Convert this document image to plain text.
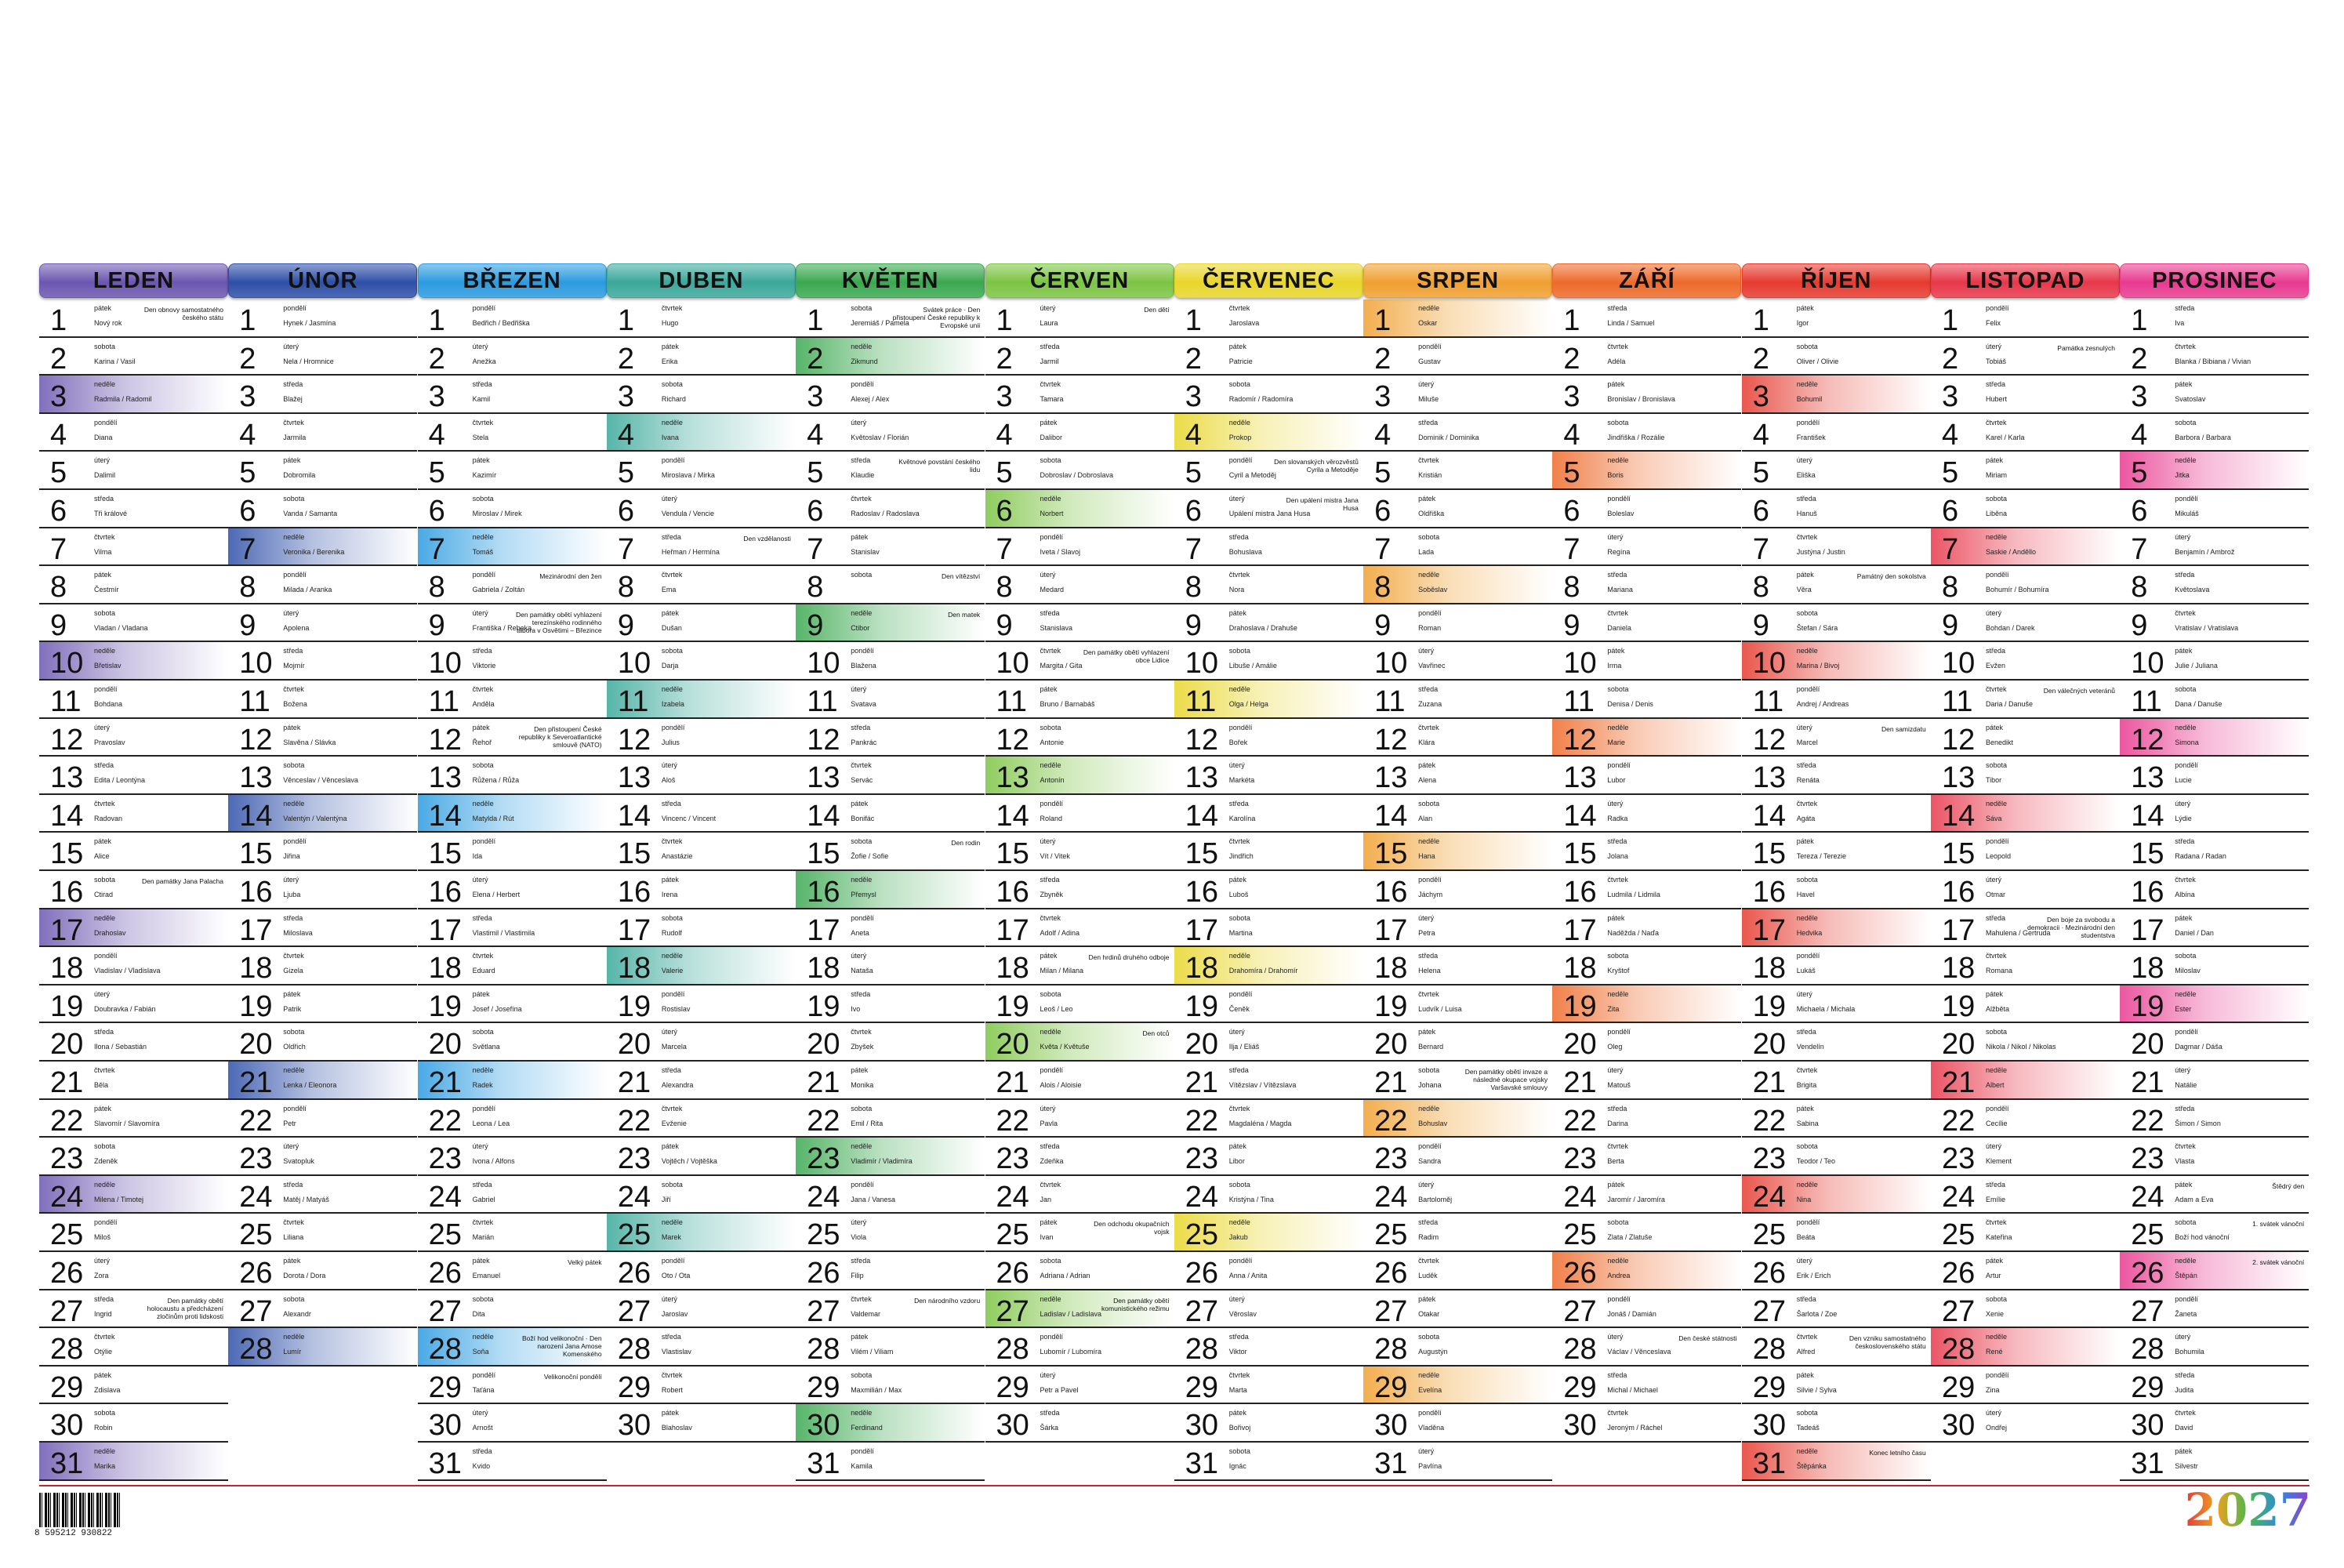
LEDEN
1	pátek
Nový rok
Den obnovy samostatného českého státu
2	sobota
Karina / Vasil
3	neděle
Radmila / Radomil
4	pondělí
Diana
5	úterý
Dalimil
6	středa
Tři králové
7	čtvrtek
Vilma
8	pátek
Čestmír
9	sobota
Vladan / Vladana
10 neděle
Břetislav
11 pondělí
Bohdana
12 úterý
Pravoslav
13 středa
Edita / Leontýna
14 čtvrtek
Radovan
15 pátek
Alice
16 sobota
Ctirad
Den památky Jana Palacha
17 neděle
Drahoslav
18 pondělí
Vladislav / Vladislava
19 úterý
Doubravka / Fabián
20 středa
Ilona / Sebastián
21 čtvrtek
Běla
22 pátek
Slavomír / Slavomíra
23 sobota
Zdeněk
24 neděle
Milena / Timotej
25 pondělí
Miloš
26 úterý
Zora
27 středa
Ingrid
Den památky obětí holocaustu a předcházení zločinům proti lidskosti
28 čtvrtek
Otýlie
29 pátek
Zdislava
30 sobota
Robin
31 neděle
Marika
ÚNOR
1	pondělí
Hynek / Jasmína
2	úterý
Nela / Hromnice
3	středa
Blažej
4	čtvrtek
Jarmila
5	pátek
Dobromila
6	sobota
Vanda / Samanta
7	neděle
Veronika / Berenika
8	pondělí
Milada / Aranka
9	úterý
Apolena
10 středa
Mojmír
11 čtvrtek
Božena
12 pátek
Slavěna / Slávka
13 sobota
Věnceslav / Věnceslava
14 neděle
Valentýn / Valentýna
15 pondělí
Jiřina
16 úterý
Ljuba
17 středa
Miloslava
18 čtvrtek
Gizela
19 pátek
Patrik
20 sobota
Oldřich
21 neděle
Lenka / Eleonora
22 pondělí
Petr
23 úterý
Svatopluk
24 středa
Matěj / Matyáš
25 čtvrtek
Liliana
26 pátek
Dorota / Dora
27 sobota
Alexandr
28 neděle
Lumír
BŘEZEN
1	pondělí
Bedřich / Bedřiška
2	úterý
Anežka
3	středa
Kamil
4	čtvrtek
Stela
5	pátek
Kazimír
6	sobota
Miroslav / Mirek
7	neděle
Tomáš
8	pondělí
Gabriela / Zoltán
Mezinárodní den žen
9	úterý
Františka / Rebeka
Den památky obětí vyhlazení terezínského rodinného tábora v Osvětimi – Březince
10 středa
Viktorie
11 čtvrtek
Anděla
12 pátek
Řehoř
Den přistoupení České republiky k Severoatlantické smlouvě (NATO)
13 sobota
Růžena / Růža
14 neděle
Matylda / Rút
15 pondělí
Ida
16 úterý
Elena / Herbert
17 středa
Vlastimil / Vlastimila
18 čtvrtek
Eduard
19 pátek
Josef / Josefína
20 sobota
Světlana
21 neděle
Radek
22 pondělí
Leona / Lea
23 úterý
Ivona / Alfons
24 středa
Gabriel
25 čtvrtek
Marián
26 pátek
Emanuel
Velký pátek
27 sobota
Dita
28 neděle
Soňa
Boží hod velikonoční · Den narození Jana Amose Komenského
29 pondělí
Taťána
Velikonoční pondělí
30 úterý
Arnošt
31 středa
Kvido
DUBEN
1	čtvrtek
Hugo
2	pátek
Erika
3	sobota
Richard
4	neděle
Ivana
5	pondělí
Miroslava / Mirka
6	úterý
Vendula / Vencie
7	středa
Heřman / Hermína
Den vzdělanosti
8	čtvrtek
Ema
9	pátek
Dušan
10 sobota
Darja
11 neděle
Izabela
12 pondělí
Julius
13 úterý
Aloš
14 středa
Vincenc / Vincent
15 čtvrtek
Anastázie
16 pátek
Irena
17 sobota
Rudolf
18 neděle
Valerie
19 pondělí
Rostislav
20 úterý
Marcela
21 středa
Alexandra
22 čtvrtek
Evženie
23 pátek
Vojtěch / Vojtěška
24 sobota
Jiří
25 neděle
Marek
26 pondělí
Oto / Ota
27 úterý
Jaroslav
28 středa
Vlastislav
29 čtvrtek
Robert
30 pátek
Blahoslav
KVĚTEN
1	sobota
Jeremiáš / Pamela
Svátek práce · Den přistoupení České republiky k Evropské unii
2	neděle
Zikmund
3	pondělí
Alexej / Alex
4	úterý
Květoslav / Florián
5	středa
Klaudie
Květnové povstání českého lidu
6	čtvrtek
Radoslav / Radoslava
7	pátek
Stanislav
8	sobota	Den vítězství
9	neděle
Ctibor
Den matek
10 pondělí
Blažena
11 úterý
Svatava
12 středa
Pankrác
13 čtvrtek
Servác
14 pátek
Bonifác
15 sobota
Žofie / Sofie
Den rodin
16 neděle
Přemysl
17 pondělí
Aneta
18 úterý
Nataša
19 středa
Ivo
20 čtvrtek
Zbyšek
21 pátek
Monika
22 sobota
Emil / Rita
23 neděle
Vladimír / Vladimíra
24 pondělí
Jana / Vanesa
25 úterý
Viola
26 středa
Filip
27 čtvrtek
Valdemar
Den národního vzdoru
28 pátek
Vilém / Viliam
29 sobota
Maxmilián / Max
30 neděle
Ferdinand
31 pondělí
Kamila
ČERVEN
1	úterý
Laura
Den dětí
2	středa
Jarmil
3	čtvrtek
Tamara
4	pátek
Dalibor
5	sobota
Dobroslav / Dobroslava
6	neděle
Norbert
7	pondělí
Iveta / Slavoj
8	úterý
Medard
9	středa
Stanislava
10 čtvrtek
Margita / Gita
Den památky obětí vyhlazení obce Lidice
11 pátek
Bruno / Barnabáš
12 sobota
Antonie
13 neděle
Antonín
14 pondělí
Roland
15 úterý
Vít / Vitek
16 středa
Zbyněk
17 čtvrtek
Adolf / Adina
18 pátek
Milan / Milana
Den hrdinů druhého odboje
19 sobota
Leoš / Leo
20 neděle
Květa / Květuše
Den otců
21 pondělí
Alois / Aloisie
22 úterý
Pavla
23 středa
Zdeňka
24 čtvrtek
Jan
25 pátek
Ivan
Den odchodu okupačních vojsk
26 sobota
Adriana / Adrian
27 neděle
Ladislav / Ladislava
Den památky obětí komunistického režimu
28 pondělí
Lubomír / Lubomíra
29 úterý
Petr a Pavel
30 středa
Šárka
ČERVENEC
1	čtvrtek
Jaroslava
2	pátek
Patricie
3	sobota
Radomír / Radomíra
4	neděle
Prokop
5	pondělí
Cyril a Metoděj
Den slovanských věrozvěstů Cyrila a Metoděje
6	úterý
Upálení mistra Jana Husa
Den upálení mistra Jana Husa
7	středa
Bohuslava
8	čtvrtek
Nora
9	pátek
Drahoslava / Drahuše
10 sobota
Libuše / Amálie
11 neděle
Olga / Helga
12 pondělí
Bořek
13 úterý
Markéta
14 středa
Karolína
15 čtvrtek
Jindřich
16 pátek
Luboš
17 sobota
Martina
18 neděle
Drahomíra / Drahomír
19 pondělí
Čeněk
20 úterý
Ilja / Eliáš
21 středa
Vítězslav / Vítězslava
22 čtvrtek
Magdaléna / Magda
23 pátek
Libor
24 sobota
Kristýna / Tina
25 neděle
Jakub
26 pondělí
Anna / Anita
27 úterý
Věroslav
28 středa
Viktor
29 čtvrtek
Marta
30 pátek
Bořivoj
31 sobota
Ignác
SRPEN
1	neděle
Oskar
2	pondělí
Gustav
3	úterý
Miluše
4	středa
Dominik / Dominika
5	čtvrtek
Kristián
6	pátek
Oldřiška
7	sobota
Lada
8	neděle
Soběslav
9	pondělí
Roman
10 úterý
Vavřinec
11 středa
Zuzana
12 čtvrtek
Klára
13 pátek
Alena
14 sobota
Alan
15 neděle
Hana
16 pondělí
Jáchym
17 úterý
Petra
18 středa
Helena
19 čtvrtek
Ludvík / Luisa
20 pátek
Bernard
21 sobota
Johana
Den památky obětí invaze a následné okupace vojsky Varšavské smlouvy
22 neděle
Bohuslav
23 pondělí
Sandra
24 úterý
Bartoloměj
25 středa
Radim
26 čtvrtek
Luděk
27 pátek
Otakar
28 sobota
Augustýn
29 neděle
Evelína
30 pondělí
Vladěna
31 úterý
Pavlína
ZÁŘÍ
1	středa
Linda / Samuel
2	čtvrtek
Adéla
3	pátek
Bronislav / Bronislava
4	sobota
Jindřiška / Rozálie
5	neděle
Boris
6	pondělí
Boleslav
7	úterý
Regína
8	středa
Mariana
9	čtvrtek
Daniela
10 pátek
Irma
11 sobota
Denisa / Denis
12 neděle
Marie
13 pondělí
Lubor
14 úterý
Radka
15 středa
Jolana
16 čtvrtek
Ludmila / Lidmila
17 pátek
Naděžda / Naďa
18 sobota
Kryštof
19 neděle
Zita
20 pondělí
Oleg
21 úterý
Matouš
22 středa
Darina
23 čtvrtek
Berta
24 pátek
Jaromír / Jaromíra
25 sobota
Zlata / Zlatuše
26 neděle
Andrea
27 pondělí
Jonáš / Damián
28 úterý
Václav / Věnceslava
Den české státnosti
29 středa
Michal / Michael
30 čtvrtek
Jeroným / Ráchel
ŘÍJEN
1	pátek
Igor
2	sobota
Oliver / Olivie
3	neděle
Bohumil
4	pondělí
František
5	úterý
Eliška
6	středa
Hanuš
7	čtvrtek
Justýna / Justin
8	pátek
Věra
Památný den sokolstva
9	sobota
Štefan / Sára
10 neděle
Marina / Bivoj
11 pondělí
Andrej / Andreas
12 úterý
Marcel
Den samizdatu
13 středa
Renáta
14 čtvrtek
Agáta
15 pátek
Tereza / Terezie
16 sobota
Havel
17 neděle
Hedvika
18 pondělí
Lukáš
19 úterý
Michaela / Michala
20 středa
Vendelín
21 čtvrtek
Brigita
22 pátek
Sabina
23 sobota
Teodor / Teo
24 neděle
Nina
25 pondělí
Beáta
26 úterý
Erik / Erich
27 středa
Šarlota / Zoe
28 čtvrtek
Alfred
Den vzniku samostatného československého státu
29 pátek
Silvie / Sylva
30 sobota
Tadeáš
31 neděle
Štěpánka
Konec letního času
LISTOPAD
1	pondělí
Felix
2	úterý
Tobiáš
Památka zesnulých
3	středa
Hubert
4	čtvrtek
Karel / Karla
5	pátek
Miriam
6	sobota
Liběna
7	neděle
Saskie / Anděllo
8	pondělí
Bohumír / Bohumíra
9	úterý
Bohdan / Darek
10 středa
Evžen
11 čtvrtek
Daria / Danuše
Den válečných veteránů
12 pátek
Benedikt
13 sobota
Tibor
14 neděle
Sáva
15 pondělí
Leopold
16 úterý
Otmar
17 středa
Mahulena / Gertruda
Den boje za svobodu a demokracii · Mezinárodní den studentstva
18 čtvrtek
Romana
19 pátek
Alžběta
20 sobota
Nikola / Nikol / Nikolas
21 neděle
Albert
22 pondělí
Cecílie
23 úterý
Klement
24 středa
Emílie
25 čtvrtek
Kateřina
26 pátek
Artur
27 sobota
Xenie
28 neděle
René
29 pondělí
Zina
30 úterý
Ondřej
PROSINEC
1	středa
Iva
2	čtvrtek
Blanka / Bibiana / Vivian
3	pátek
Svatoslav
4	sobota
Barbora / Barbara
5	neděle
Jitka
6	pondělí
Mikuláš
7	úterý
Benjamín / Ambrož
8	středa
Květoslava
9	čtvrtek
Vratislav / Vratislava
10 pátek
Julie / Juliana
11 sobota
Dana / Danuše
12 neděle
Simona
13 pondělí
Lucie
14 úterý
Lýdie
15 středa
Radana / Radan
16 čtvrtek
Albína
17 pátek
Daniel / Dan
18 sobota
Miloslav
19 neděle
Ester
20 pondělí
Dagmar / Dáša
21 úterý
Natálie
22 středa
Šimon / Simon
23 čtvrtek
Vlasta
24 pátek
Adam a Eva
Štědrý den
25 sobota
Boží hod vánoční
1. svátek vánoční
26 neděle
Štěpán
2. svátek vánoční
27 pondělí
Žaneta
28 úterý
Bohumila
29 středa
Judita
30 čtvrtek
David
31 pátek
Silvestr
8 595212 930822	2027
